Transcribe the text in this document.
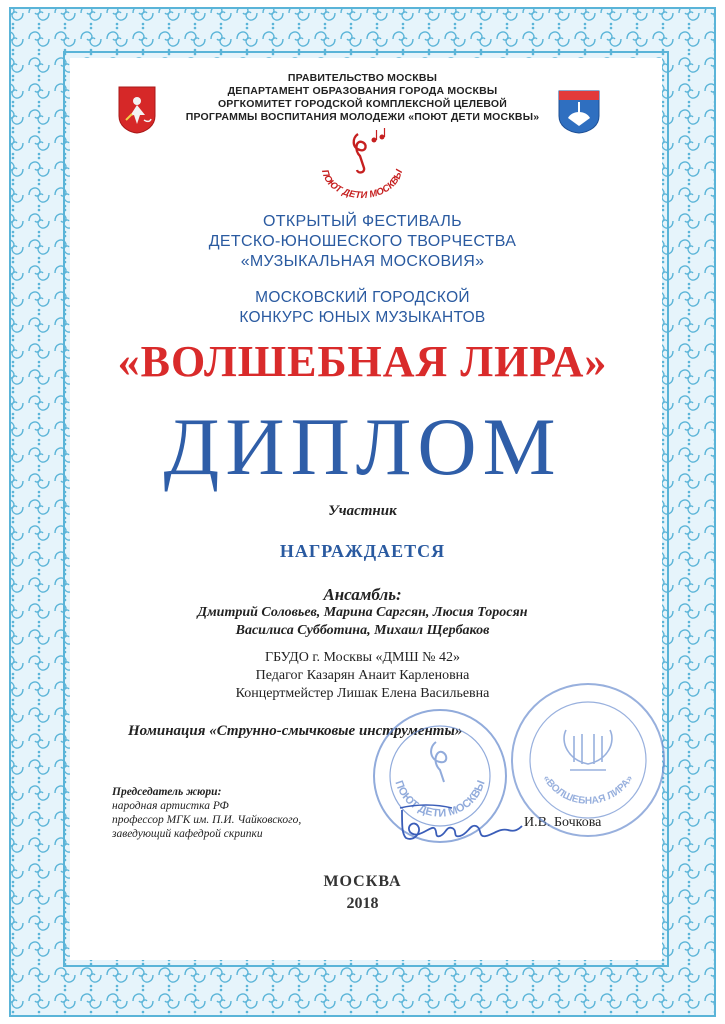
ПРАВИТЕЛЬСТВО МОСКВЫ
ДЕПАРТАМЕНТ ОБРАЗОВАНИЯ ГОРОДА МОСКВЫ
ОРГКОМИТЕТ ГОРОДСКОЙ КОМПЛЕКСНОЙ ЦЕЛЕВОЙ
ПРОГРАММЫ ВОСПИТАНИЯ МОЛОДЕЖИ «ПОЮТ ДЕТИ МОСКВЫ»
ПОЮТ ДЕТИ МОСКВЫ
ОТКРЫТЫЙ ФЕСТИВАЛЬ
ДЕТСКО-ЮНОШЕСКОГО ТВОРЧЕСТВА
«МУЗЫКАЛЬНАЯ МОСКОВИЯ»
МОСКОВСКИЙ ГОРОДСКОЙ
КОНКУРС ЮНЫХ МУЗЫКАНТОВ
«ВОЛШЕБНАЯ ЛИРА»
ДИПЛОМ
Участник
НАГРАЖДАЕТСЯ
Ансамбль:
Дмитрий Соловьев, Марина Саргсян, Люсия Торосян
Василиса Субботина, Михаил Щербаков
ГБУДО г. Москвы «ДМШ № 42»
Педагог Казарян Анаит Карленовна
Концертмейстер Лишак Елена Васильевна
Номинация «Струнно-смычковые инструменты»
Председатель жюри:
народная артистка РФ
профессор МГК им. П.И. Чайковского,
заведующий кафедрой скрипки
И.В. Бочкова
ПОЮТ ДЕТИ МОСКВЫ	«ВОЛШЕБНАЯ ЛИРА»
МОСКВА
2018
